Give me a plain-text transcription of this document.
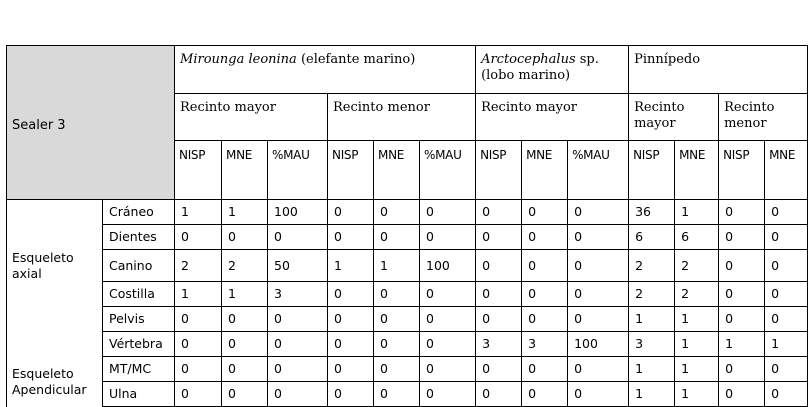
Sealer 3		Mirounga leonina (elefante marino)						Arctocephalus sp. (lobo marino)			Pinnípedo			
		Recinto mayor			Recinto menor			Recinto mayor			Recinto mayor		Recinto menor	
		NISP	MNE	%MAU	NISP	MNE	%MAU	NISP	MNE	%MAU	NISP	MNE	NISP	MNE
	Cráneo	1	1	100	0	0	0	0	0	0	36	1	0	0
	Dientes	0	0	0	0	0	0	0	0	0	6	6	0	0
Esqueleto axial	Canino	2	2	50	1	1	100	0	0	0	2	2	0	0
	Costilla	1	1	3	0	0	0	0	0	0	2	2	0	0
	Pelvis	0	0	0	0	0	0	0	0	0	1	1	0	0
	Vértebra	0	0	0	0	0	0	3	3	100	3	1	1	1
Esqueleto Apendicular	MT/MC	0	0	0	0	0	0	0	0	0	1	1	0	0
	Ulna	0	0	0	0	0	0	0	0	0	1	1	0	0
